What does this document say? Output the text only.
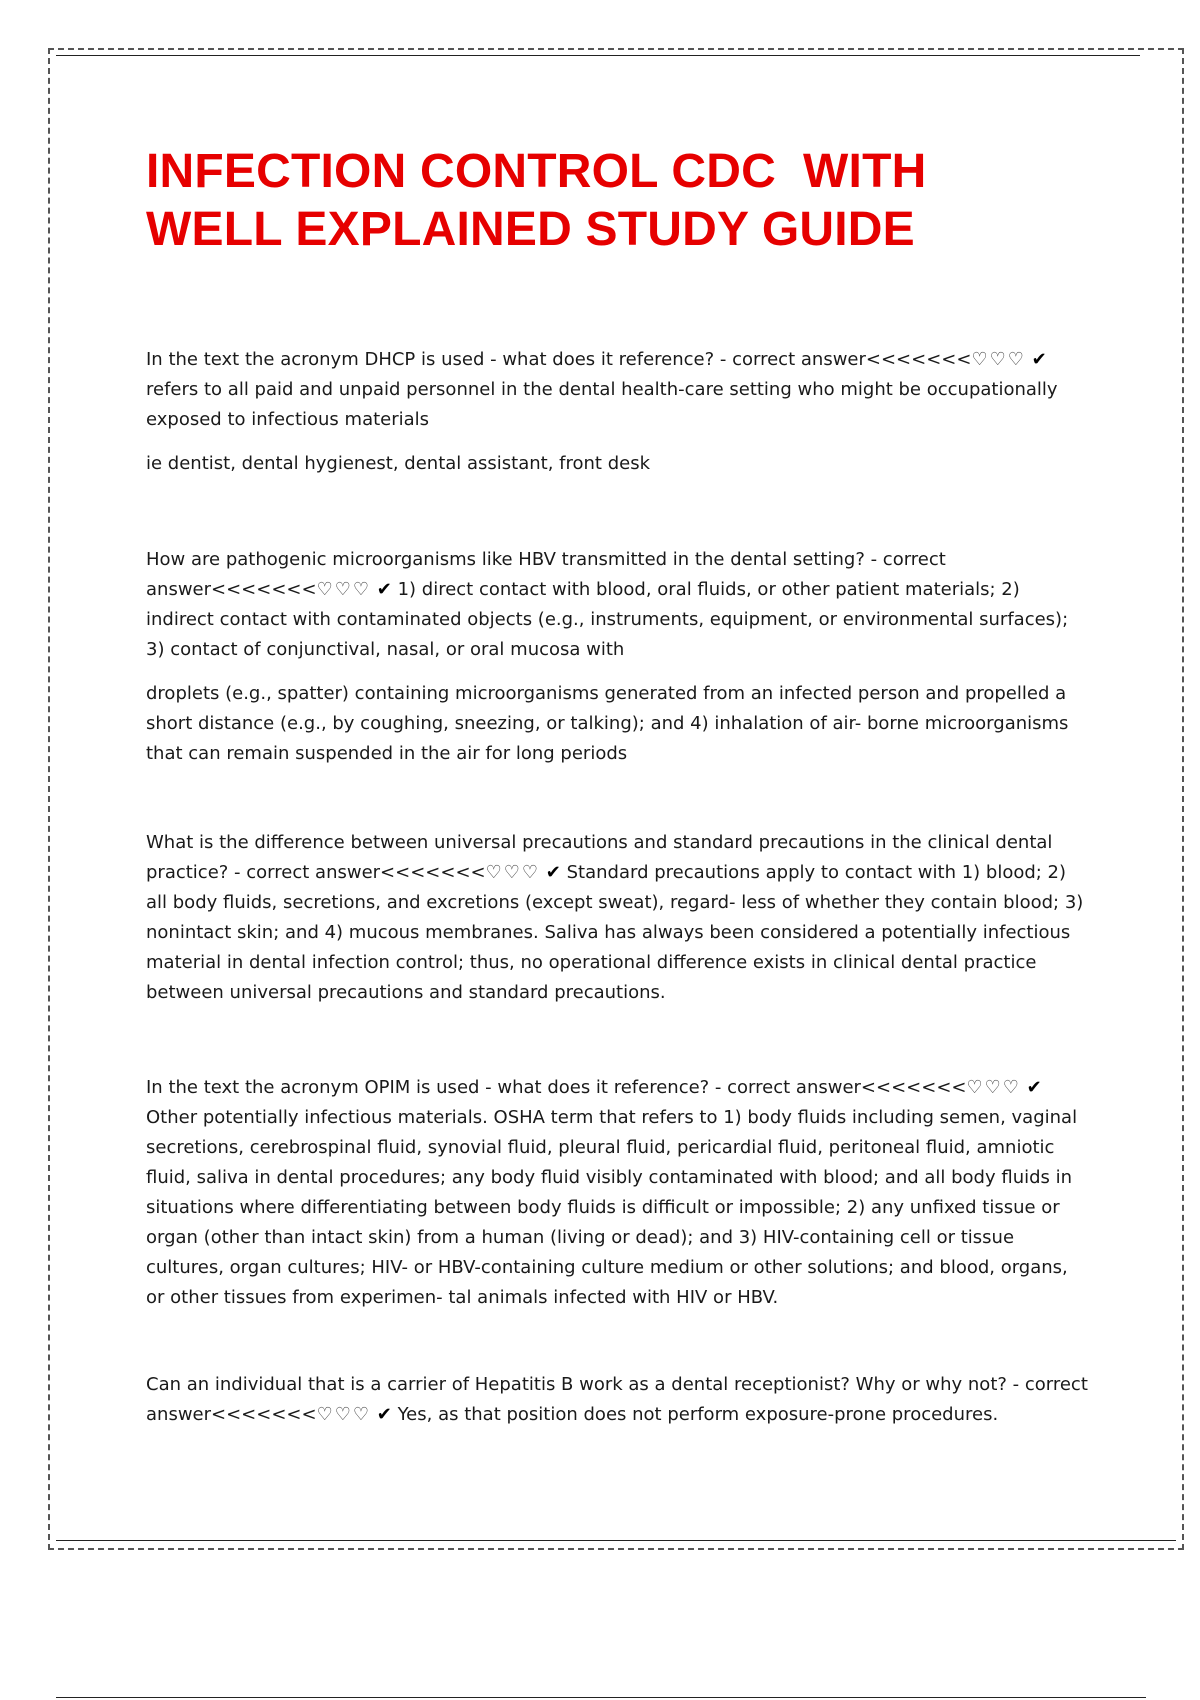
INFECTION CONTROL CDC  WITH
WELL EXPLAINED STUDY GUIDE

In the text the acronym DHCP is used - what does it reference? - correct answer<<<<<<<♡♡♡ ✔ refers to all paid and unpaid personnel in the dental health-care setting who might be occupationally exposed to infectious materials

ie dentist, dental hygienest, dental assistant, front desk

How are pathogenic microorganisms like HBV transmitted in the dental setting? - correct answer<<<<<<<♡♡♡ ✔ 1) direct contact with blood, oral fluids, or other patient materials; 2) indirect contact with contaminated objects (e.g., instruments, equipment, or environmental surfaces); 3) contact of conjunctival, nasal, or oral mucosa with

droplets (e.g., spatter) containing microorganisms generated from an infected person and propelled a short distance (e.g., by coughing, sneezing, or talking); and 4) inhalation of air- borne microorganisms that can remain suspended in the air for long periods

What is the difference between universal precautions and standard precautions in the clinical dental practice? - correct answer<<<<<<<♡♡♡ ✔ Standard precautions apply to contact with 1) blood; 2) all body fluids, secretions, and excretions (except sweat), regard- less of whether they contain blood; 3) nonintact skin; and 4) mucous membranes. Saliva has always been considered a potentially infectious material in dental infection control; thus, no operational difference exists in clinical dental practice between universal precautions and standard precautions.

In the text the acronym OPIM is used - what does it reference? - correct answer<<<<<<<♡♡♡ ✔ Other potentially infectious materials. OSHA term that refers to 1) body fluids including semen, vaginal secretions, cerebrospinal fluid, synovial fluid, pleural fluid, pericardial fluid, peritoneal fluid, amniotic fluid, saliva in dental procedures; any body fluid visibly contaminated with blood; and all body fluids in situations where differentiating between body fluids is difficult or impossible; 2) any unfixed tissue or organ (other than intact skin) from a human (living or dead); and 3) HIV-containing cell or tissue cultures, organ cultures; HIV- or HBV-containing culture medium or other solutions; and blood, organs, or other tissues from experimen- tal animals infected with HIV or HBV.

Can an individual that is a carrier of Hepatitis B work as a dental receptionist? Why or why not? - correct answer<<<<<<<♡♡♡ ✔ Yes, as that position does not perform exposure-prone procedures.
